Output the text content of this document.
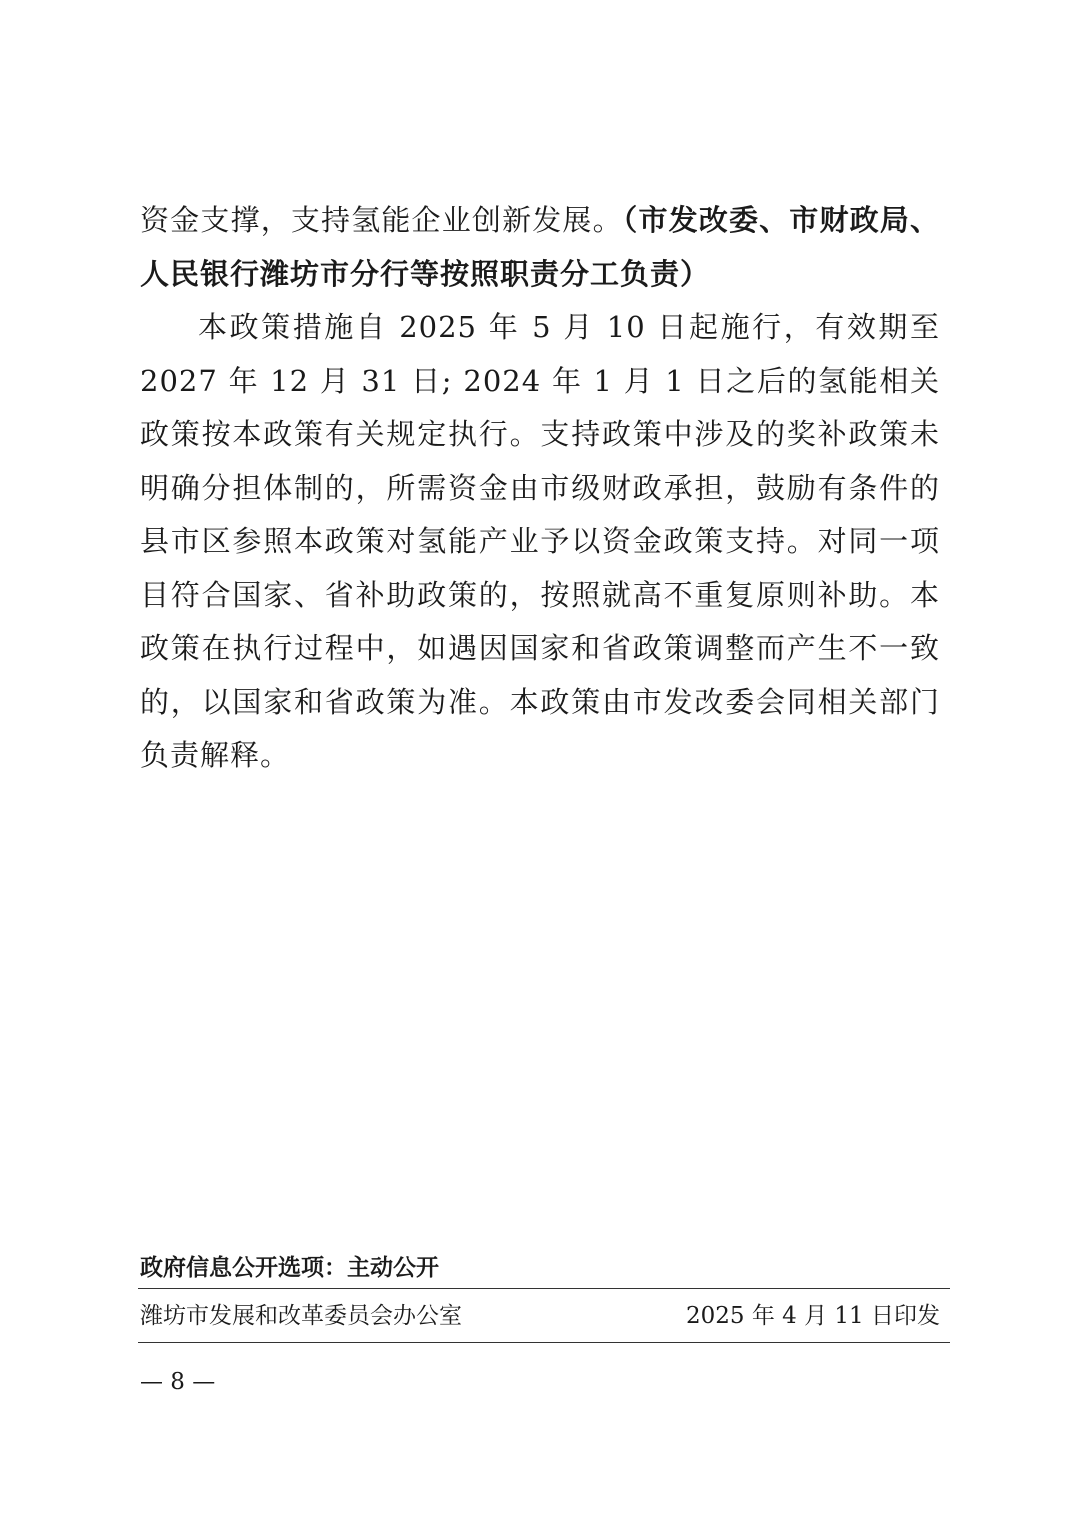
资金支撑，支持氢能企业创新发展。（市发改委、市财政局、人民银行潍坊市分行等按照职责分工负责）

本政策措施自 2025 年 5 月 10 日起施行，有效期至 2027 年 12 月 31 日; 2024 年 1 月 1 日之后的氢能相关政策按本政策有关规定执行。支持政策中涉及的奖补政策未明确分担体制的，所需资金由市级财政承担，鼓励有条件的县市区参照本政策对氢能产业予以资金政策支持。对同一项目符合国家、省补助政策的，按照就高不重复原则补助。本政策在执行过程中，如遇因国家和省政策调整而产生不一致的，以国家和省政策为准。本政策由市发改委会同相关部门负责解释。

政府信息公开选项：主动公开
潍坊市发展和改革委员会办公室	2025 年 4 月 11 日印发
— 8 —
